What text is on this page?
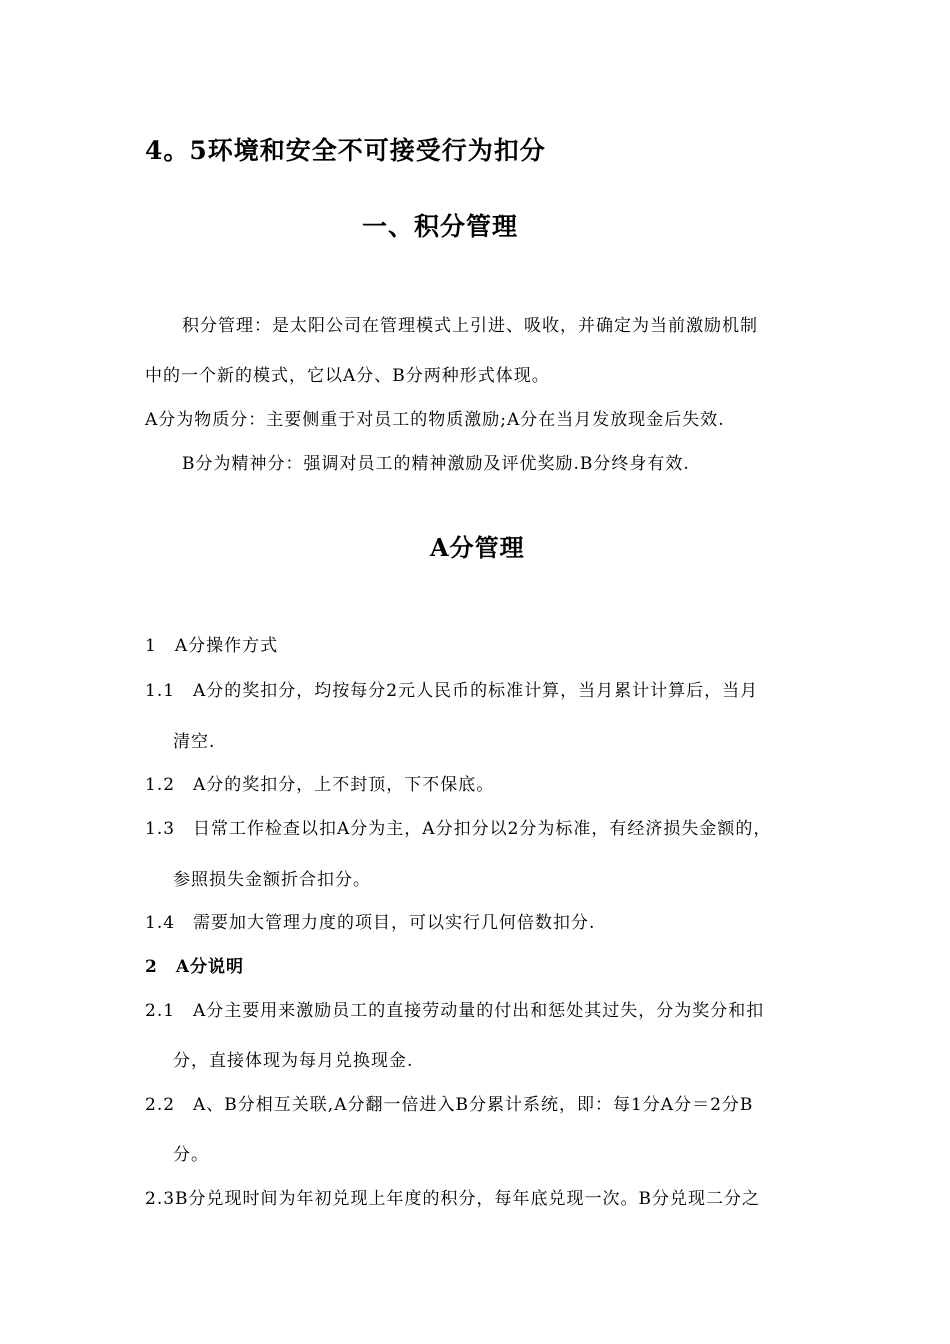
4。5环境和安全不可接受行为扣分
一、积分管理
积分管理：是太阳公司在管理模式上引进、吸收，并确定为当前激励机制
中的一个新的模式，它以A分、B分两种形式体现。
A分为物质分：主要侧重于对员工的物质激励;A分在当月发放现金后失效.
B分为精神分：强调对员工的精神激励及评优奖励.B分终身有效.
A分管理
1　A分操作方式
1.1　A分的奖扣分，均按每分2元人民币的标准计算，当月累计计算后，当月
清空.
1.2　A分的奖扣分，上不封顶，下不保底。
1.3　日常工作检查以扣A分为主，A分扣分以2分为标准，有经济损失金额的，
参照损失金额折合扣分。
1.4　需要加大管理力度的项目，可以实行几何倍数扣分.
2　A分说明
2.1　A分主要用来激励员工的直接劳动量的付出和惩处其过失，分为奖分和扣
分，直接体现为每月兑换现金.
2.2　A、B分相互关联,A分翻一倍进入B分累计系统，即：每1分A分＝2分B
分。
2.3B分兑现时间为年初兑现上年度的积分，每年底兑现一次。B分兑现二分之
